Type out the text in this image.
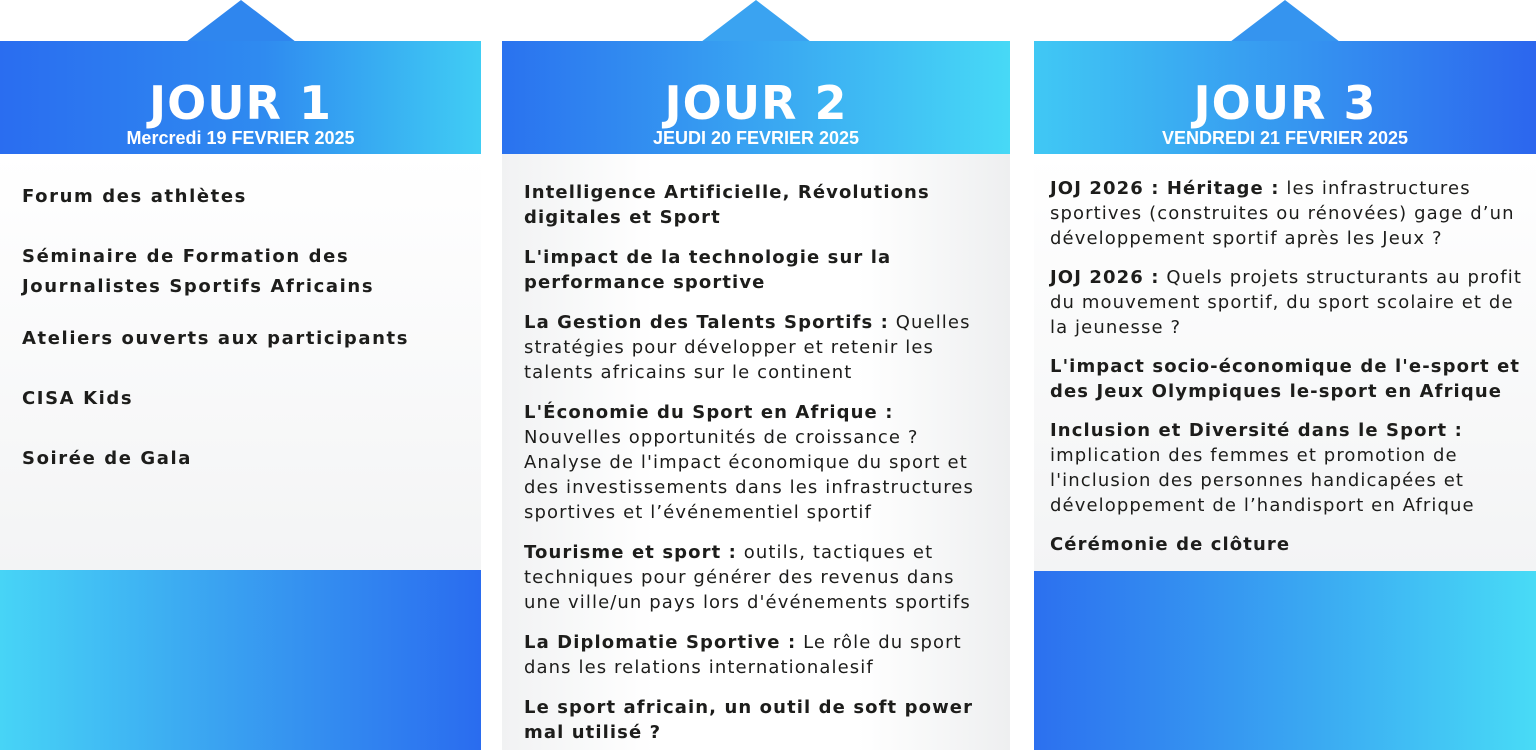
JOUR 1
Mercredi 19 FEVRIER 2025
Forum des athlètes
Séminaire de Formation des Journalistes Sportifs Africains
Ateliers ouverts aux participants
CISA Kids
Soirée de Gala
JOUR 2
JEUDI 20 FEVRIER 2025
Intelligence Artificielle, Révolutions digitales et Sport
L'impact de la technologie sur la performance sportive
La Gestion des Talents Sportifs : Quelles stratégies pour développer et retenir les talents africains sur le continent
L'Économie du Sport en Afrique : Nouvelles opportunités de croissance ? Analyse de l'impact économique du sport et des investissements dans les infrastructures sportives et l’événementiel sportif
Tourisme et sport : outils, tactiques et techniques pour générer des revenus dans une ville/un pays lors d'événements sportifs
La Diplomatie Sportive : Le rôle du sport dans les relations internationalesif
Le sport africain, un outil de soft power mal utilisé ?
JOUR 3
VENDREDI 21 FEVRIER 2025
JOJ 2026 : Héritage : les infrastructures sportives (construites ou rénovées) gage d’un développement sportif après les Jeux ?
JOJ 2026 : Quels projets structurants au profit du mouvement sportif, du sport scolaire et de la jeunesse ?
L'impact socio-économique de l'e-sport et des Jeux Olympiques le-sport en Afrique
Inclusion et Diversité dans le Sport : implication des femmes et promotion de l'inclusion des personnes handicapées et développement de l’handisport en Afrique
Cérémonie de clôture
